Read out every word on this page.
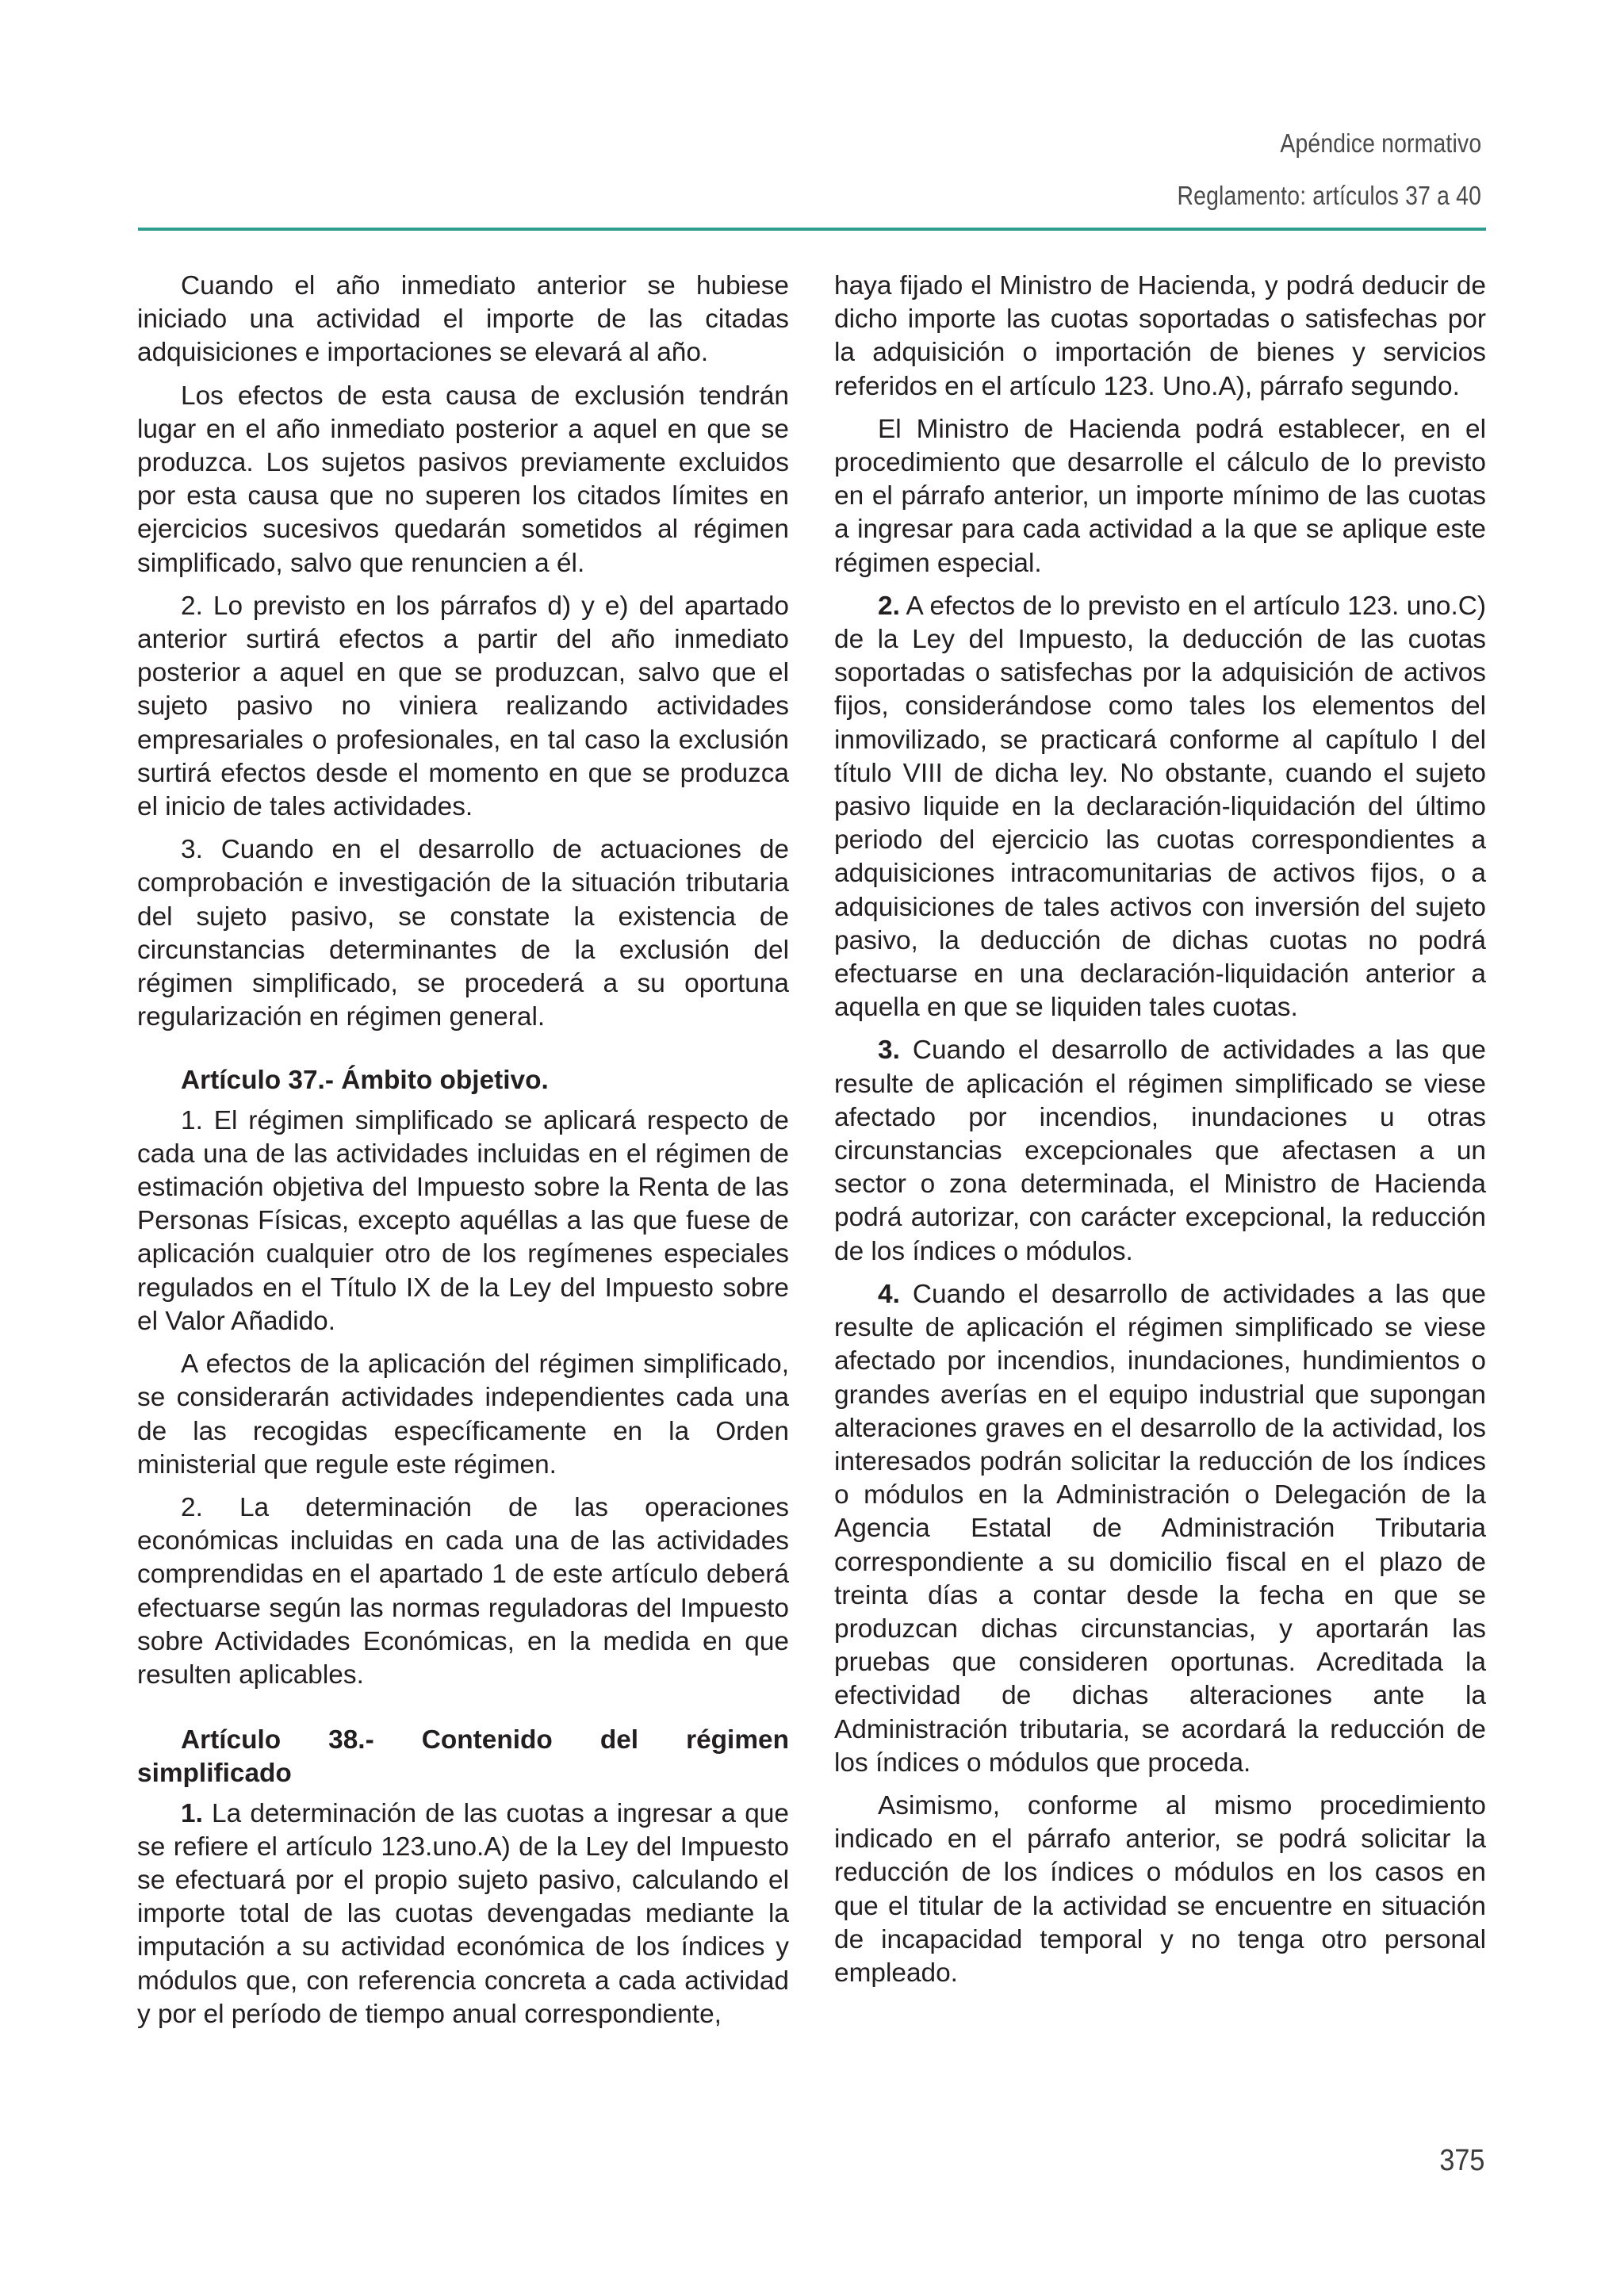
Apéndice normativo
Reglamento: artículos 37 a 40

Cuando el año inmediato anterior se hubiese iniciado una actividad el importe de las citadas adquisiciones e importaciones se elevará al año.

Los efectos de esta causa de exclusión tendrán lugar en el año inmediato posterior a aquel en que se produzca. Los sujetos pasivos previamente excluidos por esta causa que no superen los citados límites en ejercicios sucesivos quedarán sometidos al régimen simplificado, salvo que renuncien a él.

2. Lo previsto en los párrafos d) y e) del apartado anterior surtirá efectos a partir del año inmediato posterior a aquel en que se produzcan, salvo que el sujeto pasivo no viniera realizando actividades empresariales o profesionales, en tal caso la exclusión surtirá efectos desde el momento en que se produzca el inicio de tales actividades.

3. Cuando en el desarrollo de actuaciones de comprobación e investigación de la situación tributaria del sujeto pasivo, se constate la existencia de circunstancias determinantes de la exclusión del régimen simplificado, se procederá a su oportuna regularización en régimen general.

Artículo 37.- Ámbito objetivo.

1. El régimen simplificado se aplicará respecto de cada una de las actividades incluidas en el régimen de estimación objetiva del Impuesto sobre la Renta de las Personas Físicas, excepto aquéllas a las que fuese de aplicación cualquier otro de los regímenes especiales regulados en el Título IX de la Ley del Impuesto sobre el Valor Añadido.

A efectos de la aplicación del régimen simplificado, se considerarán actividades independientes cada una de las recogidas específicamente en la Orden ministerial que regule este régimen.

2. La determinación de las operaciones económicas incluidas en cada una de las actividades comprendidas en el apartado 1 de este artículo deberá efectuarse según las normas reguladoras del Impuesto sobre Actividades Económicas, en la medida en que resulten aplicables.

Artículo 38.- Contenido del régimen simplificado

1. La determinación de las cuotas a ingresar a que se refiere el artículo 123.uno.A) de la Ley del Impuesto se efectuará por el propio sujeto pasivo, calculando el importe total de las cuotas devengadas mediante la imputación a su actividad económica de los índices y módulos que, con referencia concreta a cada actividad y por el período de tiempo anual correspondiente,

haya fijado el Ministro de Hacienda, y podrá deducir de dicho importe las cuotas soportadas o satisfechas por la adquisición o importación de bienes y servicios referidos en el artículo 123. Uno.A), párrafo segundo.

El Ministro de Hacienda podrá establecer, en el procedimiento que desarrolle el cálculo de lo previsto en el párrafo anterior, un importe mínimo de las cuotas a ingresar para cada actividad a la que se aplique este régimen especial.

2. A efectos de lo previsto en el artículo 123. uno.C) de la Ley del Impuesto, la deducción de las cuotas soportadas o satisfechas por la adquisición de activos fijos, considerándose como tales los elementos del inmovilizado, se practicará conforme al capítulo I del título VIII de dicha ley. No obstante, cuando el sujeto pasivo liquide en la declaración-liquidación del último periodo del ejercicio las cuotas correspondientes a adquisiciones intracomunitarias de activos fijos, o a adquisiciones de tales activos con inversión del sujeto pasivo, la deducción de dichas cuotas no podrá efectuarse en una declaración-liquidación anterior a aquella en que se liquiden tales cuotas.

3. Cuando el desarrollo de actividades a las que resulte de aplicación el régimen simplificado se viese afectado por incendios, inundaciones u otras circunstancias excepcionales que afectasen a un sector o zona determinada, el Ministro de Hacienda podrá autorizar, con carácter excepcional, la reducción de los índices o módulos.

4. Cuando el desarrollo de actividades a las que resulte de aplicación el régimen simplificado se viese afectado por incendios, inundaciones, hundimientos o grandes averías en el equipo industrial que supongan alteraciones graves en el desarrollo de la actividad, los interesados podrán solicitar la reducción de los índices o módulos en la Administración o Delegación de la Agencia Estatal de Administración Tributaria correspondiente a su domicilio fiscal en el plazo de treinta días a contar desde la fecha en que se produzcan dichas circunstancias, y aportarán las pruebas que consideren oportunas. Acreditada la efectividad de dichas alteraciones ante la Administración tributaria, se acordará la reducción de los índices o módulos que proceda.

Asimismo, conforme al mismo procedimiento indicado en el párrafo anterior, se podrá solicitar la reducción de los índices o módulos en los casos en que el titular de la actividad se encuentre en situación de incapacidad temporal y no tenga otro personal empleado.

375
